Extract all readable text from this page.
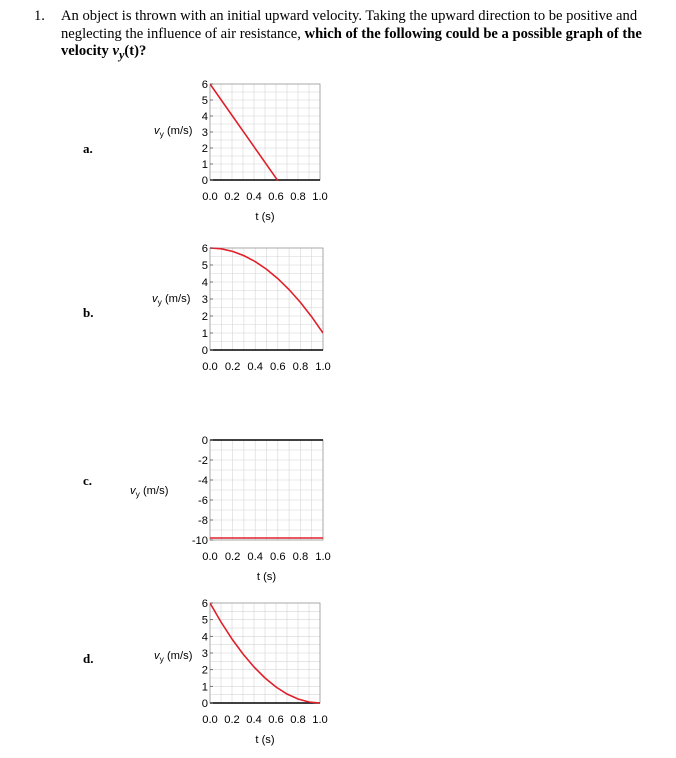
1. An object is thrown with an initial upward velocity. Taking the upward direction to be positive and neglecting the influence of air resistance, which of the following could be a possible graph of the velocity $v_y(t)$?
a.
b.
c.
d.
0
1
2
3
4
5
6
0.0 0.2 0.4 0.6 0.8 1.0
$v_y$ (m/s)
t (s)
0
1
2
3
4
5
6
0.0 0.2 0.4 0.6 0.8 1.0
$v_y$ (m/s)
0
-2
-4
-6
-8
-10
0.0 0.2 0.4 0.6 0.8 1.0
$v_y$ (m/s)
t (s)
0
1
2
3
4
5
6
0.0 0.2 0.4 0.6 0.8 1.0
$v_y$ (m/s)
t (s)
